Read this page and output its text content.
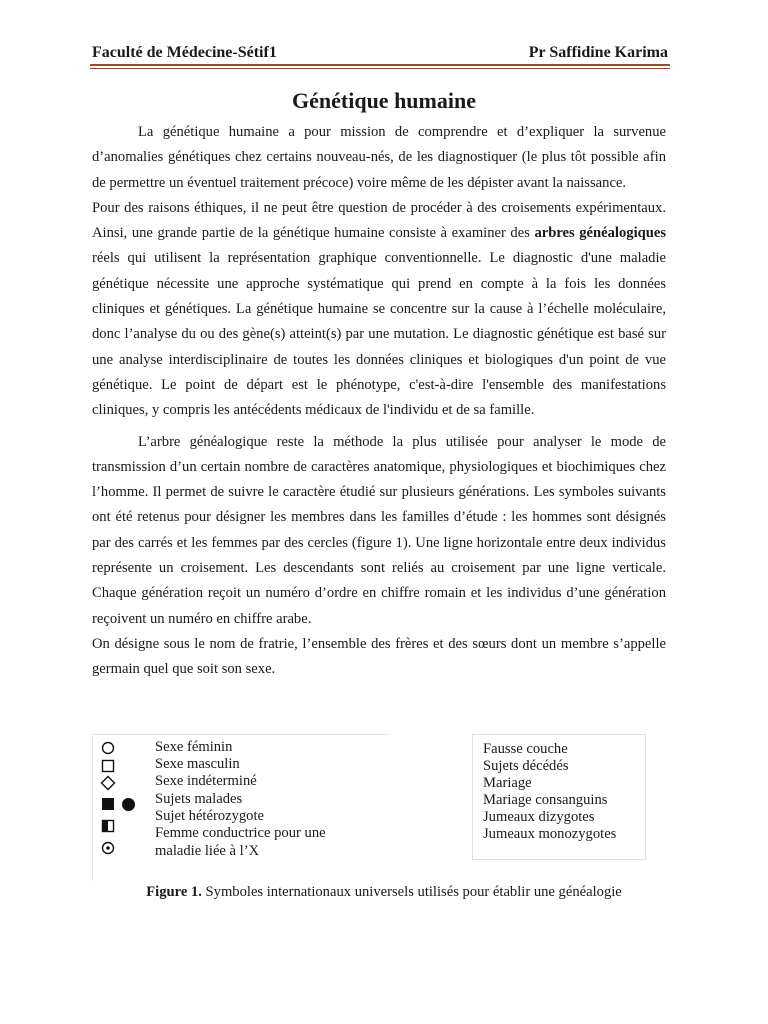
Faculté de Médecine-Sétif1	Pr Saffidine Karima
Génétique humaine

La génétique humaine a pour mission de comprendre et d’expliquer la survenue d’anomalies génétiques chez certains nouveau-nés, de les diagnostiquer (le plus tôt possible afin de permettre un éventuel traitement précoce) voire même de les dépister avant la naissance.

Pour des raisons éthiques, il ne peut être question de procéder à des croisements expérimentaux. Ainsi, une grande partie de la génétique humaine consiste à examiner des arbres généalogiques réels qui utilisent la représentation graphique conventionnelle. Le diagnostic d'une maladie génétique nécessite une approche systématique qui prend en compte à la fois les données cliniques et génétiques. La génétique humaine se concentre sur la cause à l’échelle moléculaire, donc l’analyse du ou des gène(s) atteint(s) par une mutation. Le diagnostic génétique est basé sur une analyse interdisciplinaire de toutes les données cliniques et biologiques d'un point de vue génétique. Le point de départ est le phénotype, c'est-à-dire l'ensemble des manifestations cliniques, y compris les antécédents médicaux de l'individu et de sa famille.

L’arbre généalogique reste la méthode la plus utilisée pour analyser le mode de transmission d’un certain nombre de caractères anatomique, physiologiques et biochimiques chez l’homme. Il permet de suivre le caractère étudié sur plusieurs générations. Les symboles suivants ont été retenus pour désigner les membres dans les familles d’étude : les hommes sont désignés par des carrés et les femmes par des cercles (figure 1). Une ligne horizontale entre deux individus représente un croisement. Les descendants sont reliés au croisement par une ligne verticale. Chaque génération reçoit un numéro d’ordre en chiffre romain et les individus d’une génération reçoivent un numéro en chiffre arabe.

On désigne sous le nom de fratrie, l’ensemble des frères et des sœurs dont un membre s’appelle germain quel que soit son sexe.

Sexe féminin
Sexe masculin
Sexe indéterminé
Sujets malades
Sujet hétérozygote
Femme conductrice pour une
maladie liée à l’X
Fausse couche
Sujets décédés
Mariage
Mariage consanguins
Jumeaux dizygotes
Jumeaux monozygotes
Figure 1. Symboles internationaux universels utilisés pour établir une généalogie
